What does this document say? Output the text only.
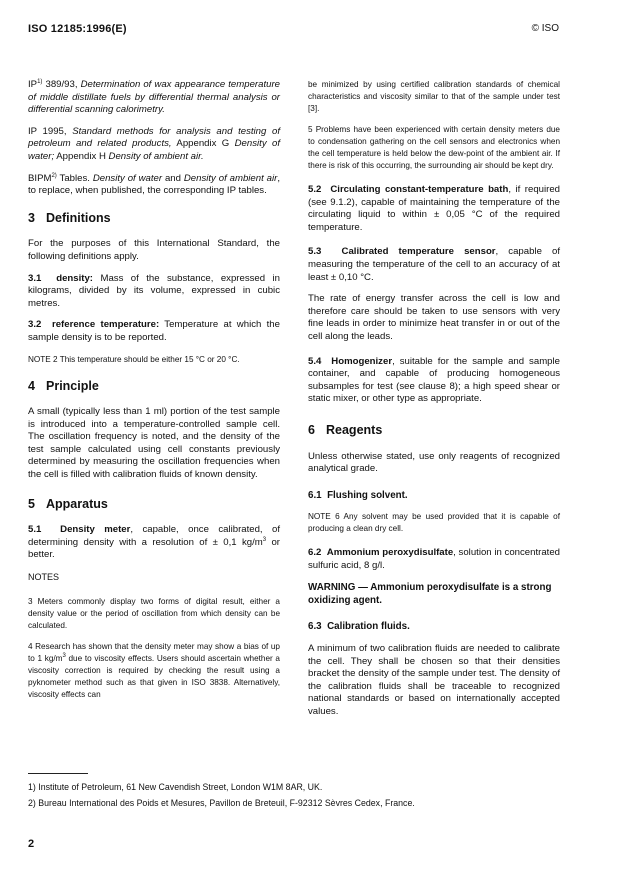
ISO 12185:1996(E)	© ISO

IP$^{1)}$ 389/93, Determination of wax appearance temperature of middle distillate fuels by differential thermal analysis or differential scanning calorimetry.

IP 1995, Standard methods for analysis and testing of petroleum and related products, Appendix G Density of water; Appendix H Density of ambient air.

BIPM$^{2)}$ Tables. Density of water and Density of ambient air, to replace, when published, the corresponding IP tables.

3 Definitions

For the purposes of this International Standard, the following definitions apply.

3.1 density: Mass of the substance, expressed in kilograms, divided by its volume, expressed in cubic metres.

3.2 reference temperature: Temperature at which the sample density is to be reported.

NOTE 2 This temperature should be either 15 °C or 20 °C.

4 Principle

A small (typically less than 1 ml) portion of the test sample is introduced into a temperature-controlled sample cell. The oscillation frequency is noted, and the density of the test sample calculated using cell constants previously determined by measuring the oscillation frequencies when the cell is filled with calibration fluids of known density.

5 Apparatus

5.1 Density meter, capable, once calibrated, of determining density with a resolution of ± 0,1 $kg/m^3$ or better.

NOTES

3 Meters commonly display two forms of digital result, either a density value or the period of oscillation from which density can be calculated.

4 Research has shown that the density meter may show a bias of up to 1 $kg/m^3$ due to viscosity effects. Users should ascertain whether a viscosity correction is required by checking the result using a pyknometer method such as that given in ISO 3838. Alternatively, viscosity effects can

be minimized by using certified calibration standards of chemical characteristics and viscosity similar to that of the sample under test [3].

5 Problems have been experienced with certain density meters due to condensation gathering on the cell sensors and electronics when the cell temperature is held below the dew-point of the ambient air. If there is risk of this occurring, the surrounding air should be kept dry.

5.2 Circulating constant-temperature bath, if required (see 9.1.2), capable of maintaining the temperature of the circulating liquid to within ± 0,05 °C of the required temperature.

5.3 Calibrated temperature sensor, capable of measuring the temperature of the cell to an accuracy of at least ± 0,10 °C.

The rate of energy transfer across the cell is low and therefore care should be taken to use sensors with very fine leads in order to minimize heat transfer in or out of the cell along the leads.

5.4 Homogenizer, suitable for the sample and sample container, and capable of producing homogeneous subsamples for test (see clause 8); a high speed shear or static mixer, or other type as appropriate.

6 Reagents

Unless otherwise stated, use only reagents of recognized analytical grade.

6.1 Flushing solvent.

NOTE 6 Any solvent may be used provided that it is capable of producing a clean dry cell.

6.2 Ammonium peroxydisulfate, solution in concentrated sulfuric acid, 8 g/l.

WARNING — Ammonium peroxydisulfate is a strong oxidizing agent.
6.3 Calibration fluids.

A minimum of two calibration fluids are needed to calibrate the cell. They shall be chosen so that their densities bracket the density of the sample under test. The density of the calibration fluids shall be traceable to recognized national standards or based on internationally accepted values.

1) Institute of Petroleum, 61 New Cavendish Street, London W1M 8AR, UK.
2) Bureau International des Poids et Mesures, Pavillon de Breteuil, F-92312 Sèvres Cedex, France.
2
